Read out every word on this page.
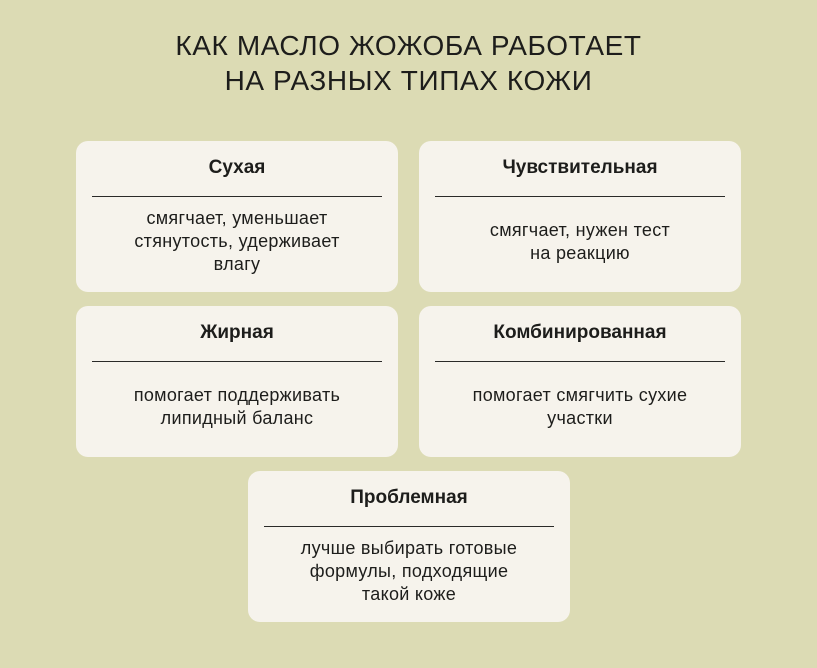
КАК МАСЛО ЖОЖОБА РАБОТАЕТ
НА РАЗНЫХ ТИПАХ КОЖИ
Сухая
смягчает, уменьшает
стянутость, удерживает
влагу
Чувствительная
смягчает, нужен тест
на реакцию
Жирная
помогает поддерживать
липидный баланс
Комбинированная
помогает смягчить сухие
участки
Проблемная
лучше выбирать готовые
формулы, подходящие
такой коже
